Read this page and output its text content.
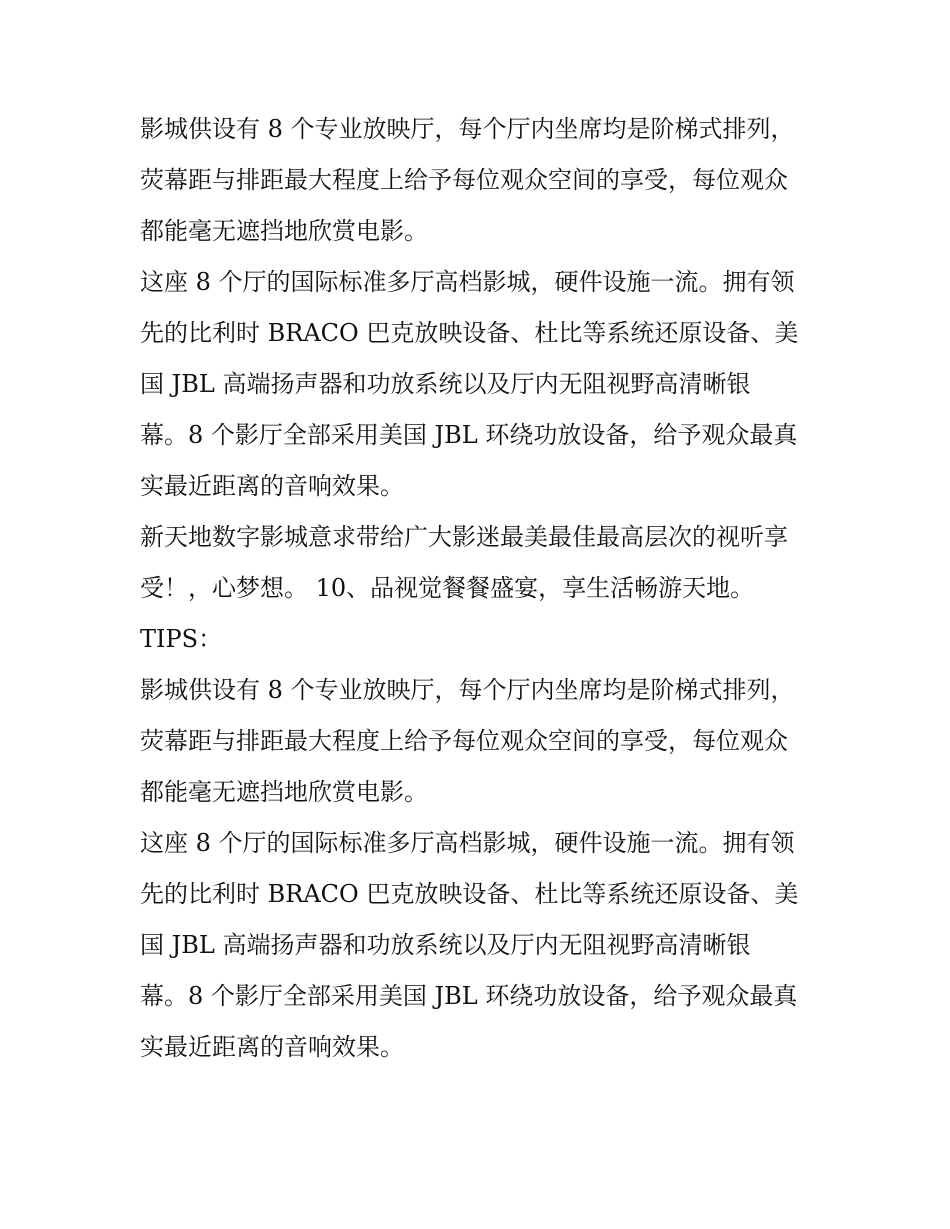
影城供设有 8 个专业放映厅，每个厅内坐席均是阶梯式排列，
荧幕距与排距最大程度上给予每位观众空间的享受，每位观众
都能毫无遮挡地欣赏电影。
这座 8 个厅的国际标准多厅高档影城，硬件设施一流。拥有领
先的比利时 BRACO 巴克放映设备、杜比等系统还原设备、美
国 JBL 高端扬声器和功放系统以及厅内无阻视野高清晰银
幕。8 个影厅全部采用美国 JBL 环绕功放设备，给予观众最真
实最近距离的音响效果。
新天地数字影城意求带给广大影迷最美最佳最高层次的视听享
受！，心梦想。 10、品视觉餐餐盛宴，享生活畅游天地。
TIPS：
影城供设有 8 个专业放映厅，每个厅内坐席均是阶梯式排列，
荧幕距与排距最大程度上给予每位观众空间的享受，每位观众
都能毫无遮挡地欣赏电影。
这座 8 个厅的国际标准多厅高档影城，硬件设施一流。拥有领
先的比利时 BRACO 巴克放映设备、杜比等系统还原设备、美
国 JBL 高端扬声器和功放系统以及厅内无阻视野高清晰银
幕。8 个影厅全部采用美国 JBL 环绕功放设备，给予观众最真
实最近距离的音响效果。
